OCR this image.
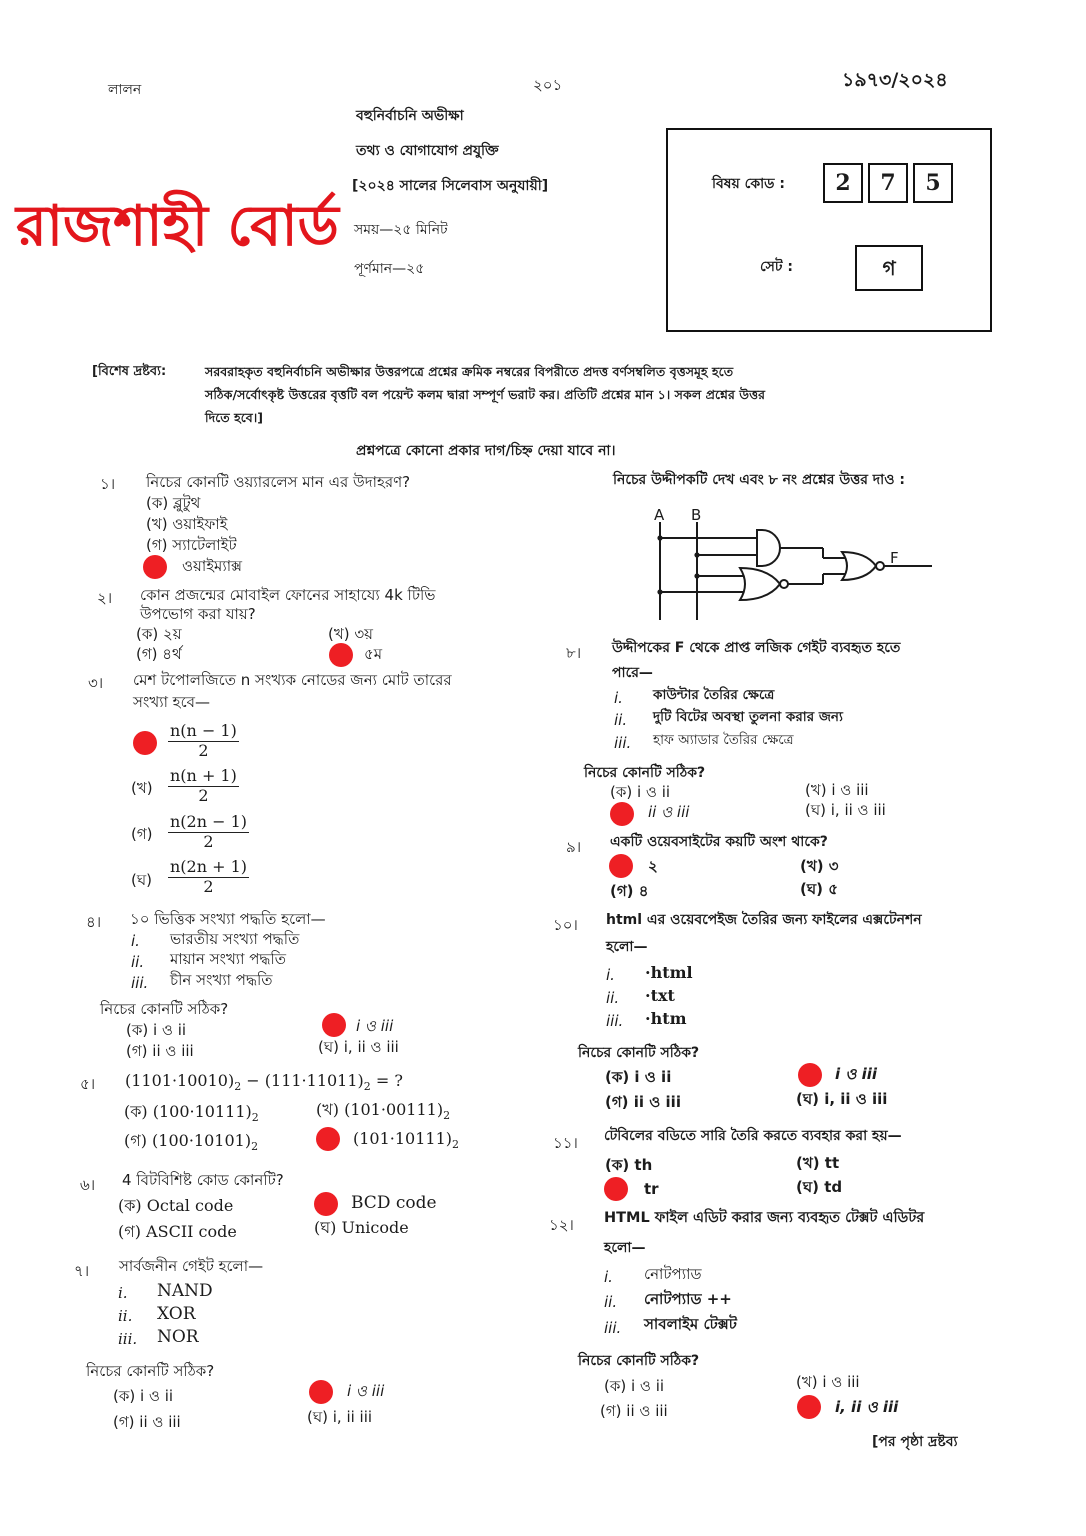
লালন	২০১	১৯৭৩/২০২৪
রাজশাহী বোর্ড
বহুনির্বাচনি অভীক্ষা
তথ্য ও যোগাযোগ প্রযুক্তি
[২০২৪ সালের সিলেবাস অনুযায়ী]
সময়—২৫ মিনিট
পূর্ণমান—২৫
বিষয় কোড :	2	7	5
সেট :	গ
[বিশেষ দ্রষ্টব্য:	সরবরাহকৃত বহুনির্বাচনি অভীক্ষার উত্তরপত্রে প্রশ্নের ক্রমিক নম্বরের বিপরীতে প্রদত্ত বর্ণসম্বলিত বৃত্তসমূহ হতে
সঠিক/সর্বোৎকৃষ্ট উত্তরের বৃত্তটি বল পয়েন্ট কলম দ্বারা সম্পূর্ণ ভরাট কর। প্রতিটি প্রশ্নের মান ১। সকল প্রশ্নের উত্তর
দিতে হবে।]
প্রশ্নপত্রে কোনো প্রকার দাগ/চিহ্ন দেয়া যাবে না।
১। নিচের কোনটি ওয়্যারলেস মান এর উদাহরণ?
(ক) ব্লুটুথ
(খ) ওয়াইফাই
(গ) স্যাটেলাইট
ওয়াইম্যাক্স
২। কোন প্রজন্মের মোবাইল ফোনের সাহায্যে 4k টিভি
উপভোগ করা যায়?
(ক) ২য়	(খ) ৩য়
(গ) ৪র্থ	৫ম
৩। মেশ টপোলজিতে n সংখ্যক নোডের জন্য মোট তারের
সংখ্যা হবে—
$\frac{n(n - 1)}{2}$
(খ) $\frac{n(n + 1)}{2}$
(গ) $\frac{n(2n - 1)}{2}$
(ঘ) $\frac{n(2n + 1)}{2}$
৪। ১০ ভিত্তিক সংখ্যা পদ্ধতি হলো—
i. ভারতীয় সংখ্যা পদ্ধতি
ii. মায়ান সংখ্যা পদ্ধতি
iii. চীন সংখ্যা পদ্ধতি
নিচের কোনটি সঠিক?
(ক) i ও ii	i ও iii
(গ) ii ও iii	(ঘ) i, ii ও iii
৫। $(1101\cdot 10010)_2 - (111\cdot 11011)_2$ = ?
(ক) $(100\cdot 10111)_2$	(খ) $(101\cdot 00111)_2$
(গ) $(100\cdot 10101)_2$	$(101\cdot 10111)_2$
৬। 4 বিটবিশিষ্ট কোড কোনটি?
(ক) Octal code	BCD code
(গ) ASCII code	(ঘ) Unicode
৭। সার্বজনীন গেইট হলো—
i. NAND
ii. XOR
iii. NOR
নিচের কোনটি সঠিক?
(ক) i ও ii	i ও iii
(গ) ii ও iii	(ঘ) i, ii iii
নিচের উদ্দীপকটি দেখ এবং ৮ নং প্রশ্নের উত্তর দাও :
A B
F
৮। উদ্দীপকের F থেকে প্রাপ্ত লজিক গেইট ব্যবহৃত হতে
পারে—
i. কাউন্টার তৈরির ক্ষেত্রে
ii. দুটি বিটের অবস্থা তুলনা করার জন্য
iii. হাফ অ্যাডার তৈরির ক্ষেত্রে
নিচের কোনটি সঠিক?
(ক) i ও ii	(খ) i ও iii
ii ও iii	(ঘ) i, ii ও iii
৯। একটি ওয়েবসাইটের কয়টি অংশ থাকে?
২	(খ) ৩
(গ) ৪	(ঘ) ৫
১০। html এর ওয়েবপেইজ তৈরির জন্য ফাইলের এক্সটেনশন
হলো—
i. ·html
ii. ·txt
iii. ·htm
নিচের কোনটি সঠিক?
(ক) i ও ii	i ও iii
(গ) ii ও iii	(ঘ) i, ii ও iii
১১। টেবিলের বডিতে সারি তৈরি করতে ব্যবহার করা হয়—
(ক) th	(খ) tt
tr	(ঘ) td
১২। HTML ফাইল এডিট করার জন্য ব্যবহৃত টেক্সট এডিটর
হলো—
i. নোটপ্যাড
ii. নোটপ্যাড ++
iii. সাবলাইম টেক্সট
নিচের কোনটি সঠিক?
(ক) i ও ii	(খ) i ও iii
(গ) ii ও iii	i, ii ও iii
[পর পৃষ্ঠা দ্রষ্টব্য
